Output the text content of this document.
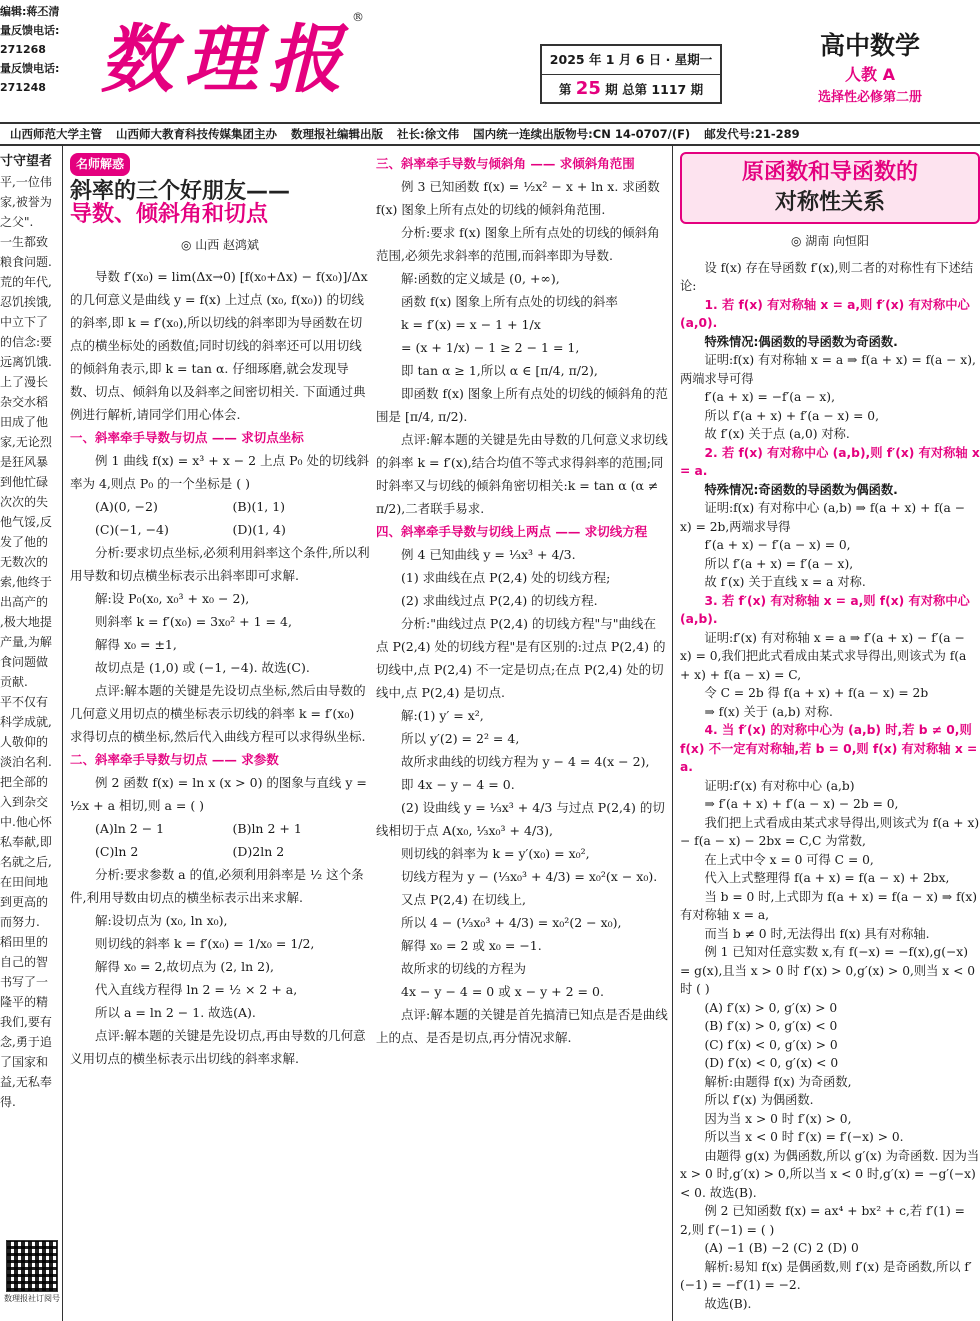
编辑:蒋丕清
量反馈电话:
271268
量反馈电话:
271248 数理报®
2025 年 1 月 6 日 · 星期一
第 25 期 总第 1117 期
高中数学
人教 A
选择性必修第二册
山西师范大学主管 山西师大教育科技传媒集团主办 数理报社编辑出版 社长:徐文伟 国内统一连续出版物号:CN 14-0707/(F) 邮发代号:21-289
寸守望者
平,一位伟
家,被誉为
之父".
一生都致
粮食问题.
荒的年代,
忍饥挨饿,
中立下了
的信念:要
远离饥饿.
上了漫长
杂交水稻
田成了他
家,无论烈
是狂风暴
到他忙碌
次次的失
他气馁,反
发了他的
无数次的
索,他终于
出高产的
,极大地提
产量,为解
食问题做
贡献.
平不仅有
科学成就,
人敬仰的
淡泊名利.
把全部的
入到杂交
中.他心怀
私奉献,即
名就之后,
在田间地
到更高的
而努力.
稻田里的
自己的智
书写了一
隆平的精
我们,要有
念,勇于追
了国家和
益,无私奉
得.
数理报社订阅号
名师解惑
斜率的三个好朋友——
导数、倾斜角和切点
◎ 山西 赵鸿斌

导数 f′(x₀) = lim(Δx→0) [f(x₀+Δx) − f(x₀)]/Δx 的几何意义是曲线 y = f(x) 上过点 (x₀, f(x₀)) 的切线的斜率,即 k = f′(x₀),所以切线的斜率即为导函数在切点的横坐标处的函数值;同时切线的斜率还可以用切线的倾斜角表示,即 k = tan α. 仔细琢磨,就会发现导数、切点、倾斜角以及斜率之间密切相关. 下面通过典例进行解析,请同学们用心体会.

一、斜率牵手导数与切点 —— 求切点坐标

例 1 曲线 f(x) = x³ + x − 2 上点 P₀ 处的切线斜率为 4,则点 P₀ 的一个坐标是 ( )

(A)(0, −2)	(B)(1, 1)
(C)(−1, −4)	(D)(1, 4)

分析:要求切点坐标,必须利用斜率这个条件,所以利用导数和切点横坐标表示出斜率即可求解.

解:设 P₀(x₀, x₀³ + x₀ − 2),

则斜率 k = f′(x₀) = 3x₀² + 1 = 4,

解得 x₀ = ±1,

故切点是 (1,0) 或 (−1, −4). 故选(C).

点评:解本题的关键是先设切点坐标,然后由导数的几何意义用切点的横坐标表示切线的斜率 k = f′(x₀) 求得切点的横坐标,然后代入曲线方程可以求得纵坐标.

二、斜率牵手导数与切点 —— 求参数

例 2 函数 f(x) = ln x (x > 0) 的图象与直线 y = ½x + a 相切,则 a = ( )

(A)ln 2 − 1	(B)ln 2 + 1
(C)ln 2	(D)2ln 2

分析:要求参数 a 的值,必须利用斜率是 ½ 这个条件,利用导数由切点的横坐标表示出来求解.

解:设切点为 (x₀, ln x₀),

则切线的斜率 k = f′(x₀) = 1/x₀ = 1/2,

解得 x₀ = 2,故切点为 (2, ln 2),

代入直线方程得 ln 2 = ½ × 2 + a,

所以 a = ln 2 − 1. 故选(A).

点评:解本题的关键是先设切点,再由导数的几何意义用切点的横坐标表示出切线的斜率求解.

三、斜率牵手导数与倾斜角 —— 求倾斜角范围

例 3 已知函数 f(x) = ½x² − x + ln x. 求函数 f(x) 图象上所有点处的切线的倾斜角范围.

分析:要求 f(x) 图象上所有点处的切线的倾斜角范围,必须先求斜率的范围,而斜率即为导数.

解:函数的定义域是 (0, +∞),

函数 f(x) 图象上所有点处的切线的斜率

k = f′(x) = x − 1 + 1/x

= (x + 1/x) − 1 ≥ 2 − 1 = 1,

即 tan α ≥ 1,所以 α ∈ [π/4, π/2),

即函数 f(x) 图象上所有点处的切线的倾斜角的范围是 [π/4, π/2).

点评:解本题的关键是先由导数的几何意义求切线的斜率 k = f′(x),结合均值不等式求得斜率的范围;同时斜率又与切线的倾斜角密切相关:k = tan α (α ≠ π/2),二者联手易求.

四、斜率牵手导数与切线上两点 —— 求切线方程

例 4 已知曲线 y = ⅓x³ + 4/3.

(1) 求曲线在点 P(2,4) 处的切线方程;

(2) 求曲线过点 P(2,4) 的切线方程.

分析:"曲线过点 P(2,4) 的切线方程"与"曲线在点 P(2,4) 处的切线方程"是有区别的:过点 P(2,4) 的切线中,点 P(2,4) 不一定是切点;在点 P(2,4) 处的切线中,点 P(2,4) 是切点.

解:(1) y′ = x²,

所以 y′(2) = 2² = 4,

故所求曲线的切线方程为 y − 4 = 4(x − 2),

即 4x − y − 4 = 0.

(2) 设曲线 y = ⅓x³ + 4/3 与过点 P(2,4) 的切线相切于点 A(x₀, ⅓x₀³ + 4/3),

则切线的斜率为 k = y′(x₀) = x₀²,

切线方程为 y − (⅓x₀³ + 4/3) = x₀²(x − x₀).

又点 P(2,4) 在切线上,

所以 4 − (⅓x₀³ + 4/3) = x₀²(2 − x₀),

解得 x₀ = 2 或 x₀ = −1.

故所求的切线的方程为

4x − y − 4 = 0 或 x − y + 2 = 0.

点评:解本题的关键是首先搞清已知点是否是曲线上的点、是否是切点,再分情况求解.

原函数和导函数的
对称性关系
◎ 湖南 向恒阳

设 f(x) 存在导函数 f′(x),则二者的对称性有下述结论:

1. 若 f(x) 有对称轴 x = a,则 f′(x) 有对称中心 (a,0).

特殊情况:偶函数的导函数为奇函数.

证明:f(x) 有对称轴 x = a ⇒ f(a + x) = f(a − x),两端求导可得

f′(a + x) = −f′(a − x),

所以 f′(a + x) + f′(a − x) = 0,

故 f′(x) 关于点 (a,0) 对称.

2. 若 f(x) 有对称中心 (a,b),则 f′(x) 有对称轴 x = a.

特殊情况:奇函数的导函数为偶函数.

证明:f(x) 有对称中心 (a,b) ⇒ f(a + x) + f(a − x) = 2b,两端求导得

f′(a + x) − f′(a − x) = 0,

所以 f′(a + x) = f′(a − x),

故 f′(x) 关于直线 x = a 对称.

3. 若 f′(x) 有对称轴 x = a,则 f(x) 有对称中心 (a,b).

证明:f′(x) 有对称轴 x = a ⇒ f′(a + x) − f′(a − x) = 0,我们把此式看成由某式求导得出,则该式为 f(a + x) + f(a − x) = C,

令 C = 2b 得 f(a + x) + f(a − x) = 2b

⇒ f(x) 关于 (a,b) 对称.

4. 当 f′(x) 的对称中心为 (a,b) 时,若 b ≠ 0,则 f(x) 不一定有对称轴,若 b = 0,则 f(x) 有对称轴 x = a.

证明:f′(x) 有对称中心 (a,b)

⇒ f′(a + x) + f′(a − x) − 2b = 0,

我们把上式看成由某式求导得出,则该式为 f(a + x) − f(a − x) − 2bx = C,C 为常数,

在上式中令 x = 0 可得 C = 0,

代入上式整理得 f(a + x) = f(a − x) + 2bx,

当 b = 0 时,上式即为 f(a + x) = f(a − x) ⇒ f(x) 有对称轴 x = a,

而当 b ≠ 0 时,无法得出 f(x) 具有对称轴.

例 1 已知对任意实数 x,有 f(−x) = −f(x),g(−x) = g(x),且当 x > 0 时 f′(x) > 0,g′(x) > 0,则当 x < 0 时 ( )

(A) f′(x) > 0, g′(x) > 0

(B) f′(x) > 0, g′(x) < 0

(C) f′(x) < 0, g′(x) > 0

(D) f′(x) < 0, g′(x) < 0

解析:由题得 f(x) 为奇函数,

所以 f′(x) 为偶函数.

因为当 x > 0 时 f′(x) > 0,

所以当 x < 0 时 f′(x) = f′(−x) > 0.

由题得 g(x) 为偶函数,所以 g′(x) 为奇函数. 因为当 x > 0 时,g′(x) > 0,所以当 x < 0 时,g′(x) = −g′(−x) < 0. 故选(B).

例 2 已知函数 f(x) = ax⁴ + bx² + c,若 f′(1) = 2,则 f′(−1) = ( )

(A) −1 (B) −2 (C) 2 (D) 0

解析:易知 f(x) 是偶函数,则 f′(x) 是奇函数,所以 f′(−1) = −f′(1) = −2.

故选(B).
